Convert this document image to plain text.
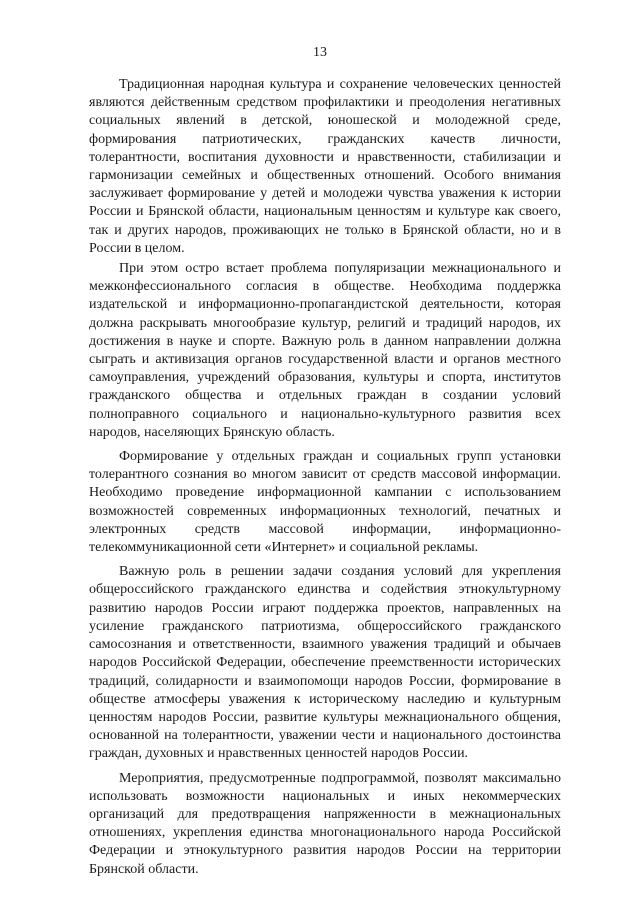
13

Традиционная народная культура и сохранение человеческих ценностей являются действенным средством профилактики и преодоления негативных социальных явлений в детской, юношеской и молодежной среде, формирования патриотических, гражданских качеств личности, толерантности, воспитания духовности и нравственности, стабилизации и гармонизации семейных и общественных отношений. Особого внимания заслуживает формирование у детей и молодежи чувства уважения к истории России и Брянской области, национальным ценностям и культуре как своего, так и других народов, проживающих не только в Брянской области, но и в России в целом.

При этом остро встает проблема популяризации межнационального и межконфессионального согласия в обществе. Необходима поддержка издательской и информационно-пропагандистской деятельности, которая должна раскрывать многообразие культур, религий и традиций народов, их достижения в науке и спорте. Важную роль в данном направлении должна сыграть и активизация органов государственной власти и органов местного самоуправления, учреждений образования, культуры и спорта, институтов гражданского общества и отдельных граждан в создании условий полноправного социального и национально-культурного развития всех народов, населяющих Брянскую область.

Формирование у отдельных граждан и социальных групп установки толерантного сознания во многом зависит от средств массовой информации. Необходимо проведение информационной кампании с использованием возможностей современных информационных технологий, печатных и электронных средств массовой информации, информационно-телекоммуникационной сети «Интернет» и социальной рекламы.

Важную роль в решении задачи создания условий для укрепления общероссийского гражданского единства и содействия этнокультурному развитию народов России играют поддержка проектов, направленных на усиление гражданского патриотизма, общероссийского гражданского самосознания и ответственности, взаимного уважения традиций и обычаев народов Российской Федерации, обеспечение преемственности исторических традиций, солидарности и взаимопомощи народов России, формирование в обществе атмосферы уважения к историческому наследию и культурным ценностям народов России, развитие культуры межнационального общения, основанной на толерантности, уважении чести и национального достоинства граждан, духовных и нравственных ценностей народов России.

Мероприятия, предусмотренные подпрограммой, позволят максимально использовать возможности национальных и иных некоммерческих организаций для предотвращения напряженности в межнациональных отношениях, укрепления единства многонационального народа Российской Федерации и этнокультурного развития народов России на территории Брянской области.
